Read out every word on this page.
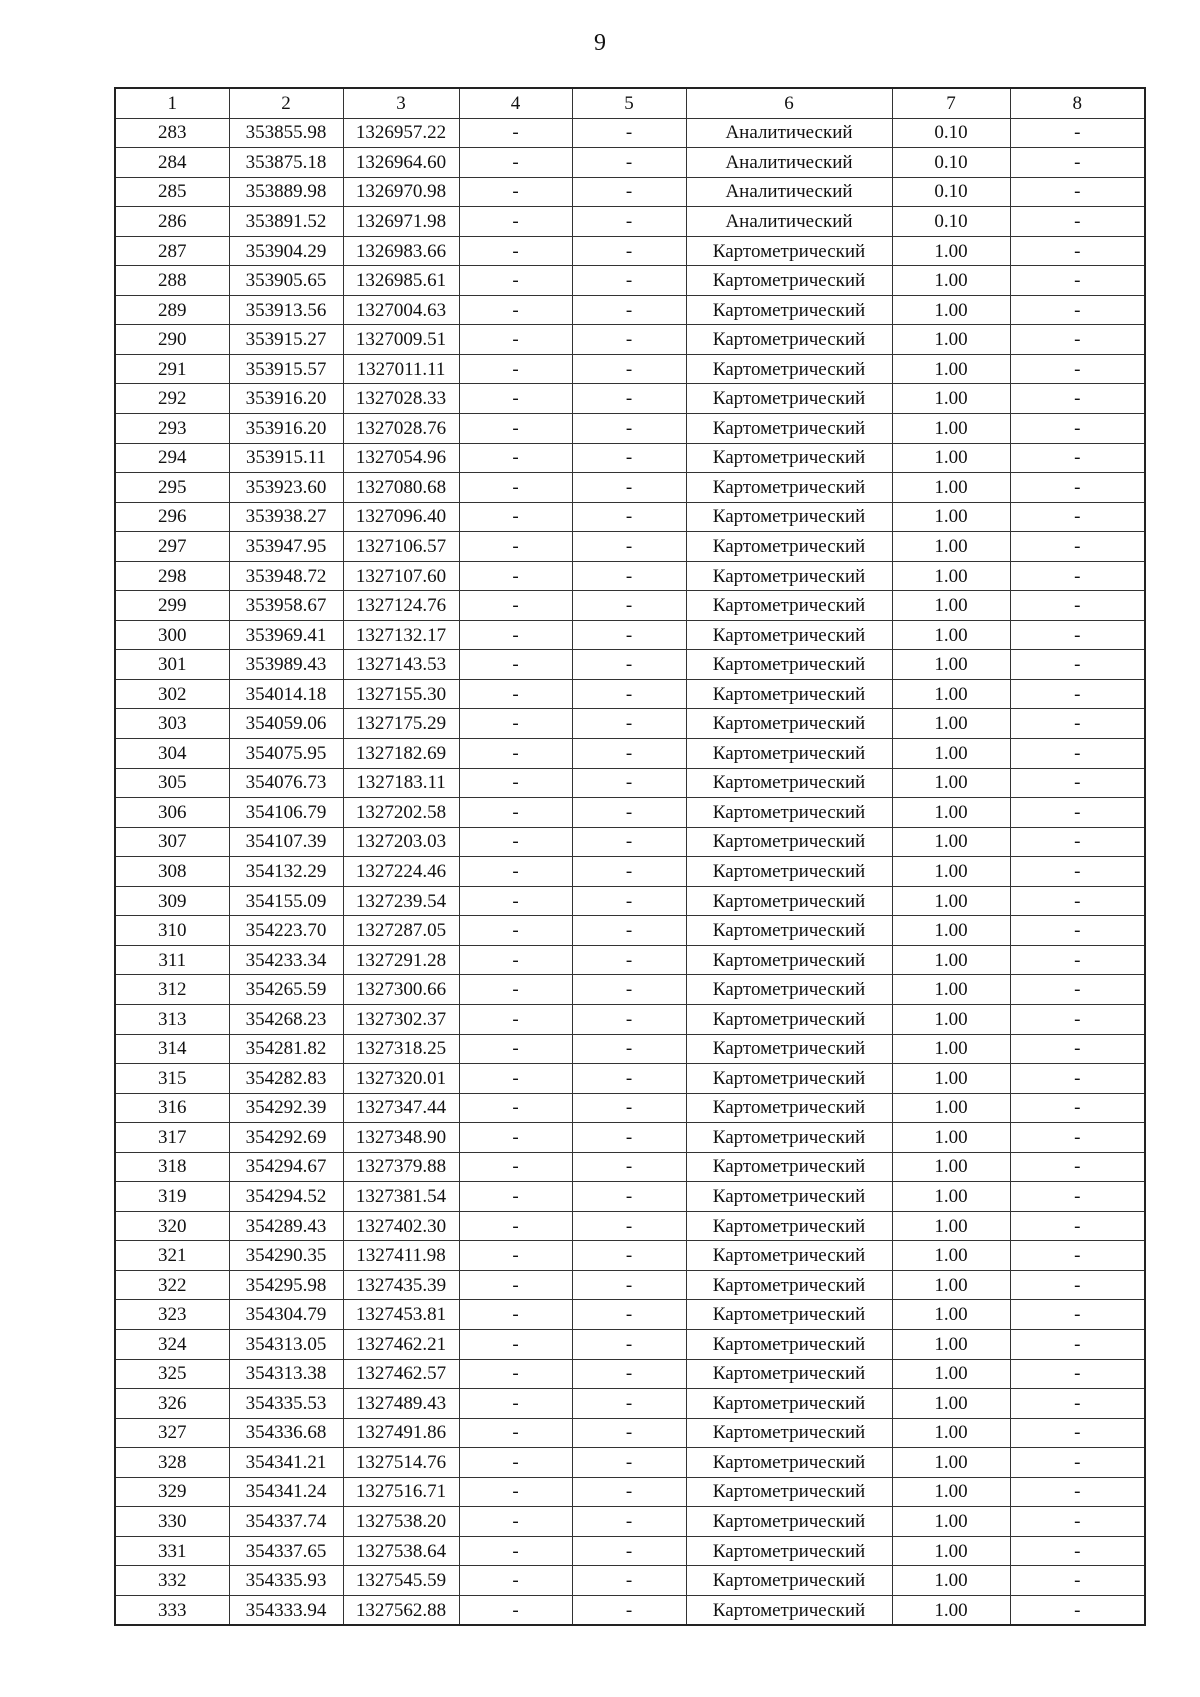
9
1	2	3	4	5	6	7	8
283	353855.98	1326957.22	-	-	Аналитический	0.10	-
284	353875.18	1326964.60	-	-	Аналитический	0.10	-
285	353889.98	1326970.98	-	-	Аналитический	0.10	-
286	353891.52	1326971.98	-	-	Аналитический	0.10	-
287	353904.29	1326983.66	-	-	Картометрический	1.00	-
288	353905.65	1326985.61	-	-	Картометрический	1.00	-
289	353913.56	1327004.63	-	-	Картометрический	1.00	-
290	353915.27	1327009.51	-	-	Картометрический	1.00	-
291	353915.57	1327011.11	-	-	Картометрический	1.00	-
292	353916.20	1327028.33	-	-	Картометрический	1.00	-
293	353916.20	1327028.76	-	-	Картометрический	1.00	-
294	353915.11	1327054.96	-	-	Картометрический	1.00	-
295	353923.60	1327080.68	-	-	Картометрический	1.00	-
296	353938.27	1327096.40	-	-	Картометрический	1.00	-
297	353947.95	1327106.57	-	-	Картометрический	1.00	-
298	353948.72	1327107.60	-	-	Картометрический	1.00	-
299	353958.67	1327124.76	-	-	Картометрический	1.00	-
300	353969.41	1327132.17	-	-	Картометрический	1.00	-
301	353989.43	1327143.53	-	-	Картометрический	1.00	-
302	354014.18	1327155.30	-	-	Картометрический	1.00	-
303	354059.06	1327175.29	-	-	Картометрический	1.00	-
304	354075.95	1327182.69	-	-	Картометрический	1.00	-
305	354076.73	1327183.11	-	-	Картометрический	1.00	-
306	354106.79	1327202.58	-	-	Картометрический	1.00	-
307	354107.39	1327203.03	-	-	Картометрический	1.00	-
308	354132.29	1327224.46	-	-	Картометрический	1.00	-
309	354155.09	1327239.54	-	-	Картометрический	1.00	-
310	354223.70	1327287.05	-	-	Картометрический	1.00	-
311	354233.34	1327291.28	-	-	Картометрический	1.00	-
312	354265.59	1327300.66	-	-	Картометрический	1.00	-
313	354268.23	1327302.37	-	-	Картометрический	1.00	-
314	354281.82	1327318.25	-	-	Картометрический	1.00	-
315	354282.83	1327320.01	-	-	Картометрический	1.00	-
316	354292.39	1327347.44	-	-	Картометрический	1.00	-
317	354292.69	1327348.90	-	-	Картометрический	1.00	-
318	354294.67	1327379.88	-	-	Картометрический	1.00	-
319	354294.52	1327381.54	-	-	Картометрический	1.00	-
320	354289.43	1327402.30	-	-	Картометрический	1.00	-
321	354290.35	1327411.98	-	-	Картометрический	1.00	-
322	354295.98	1327435.39	-	-	Картометрический	1.00	-
323	354304.79	1327453.81	-	-	Картометрический	1.00	-
324	354313.05	1327462.21	-	-	Картометрический	1.00	-
325	354313.38	1327462.57	-	-	Картометрический	1.00	-
326	354335.53	1327489.43	-	-	Картометрический	1.00	-
327	354336.68	1327491.86	-	-	Картометрический	1.00	-
328	354341.21	1327514.76	-	-	Картометрический	1.00	-
329	354341.24	1327516.71	-	-	Картометрический	1.00	-
330	354337.74	1327538.20	-	-	Картометрический	1.00	-
331	354337.65	1327538.64	-	-	Картометрический	1.00	-
332	354335.93	1327545.59	-	-	Картометрический	1.00	-
333	354333.94	1327562.88	-	-	Картометрический	1.00	-
